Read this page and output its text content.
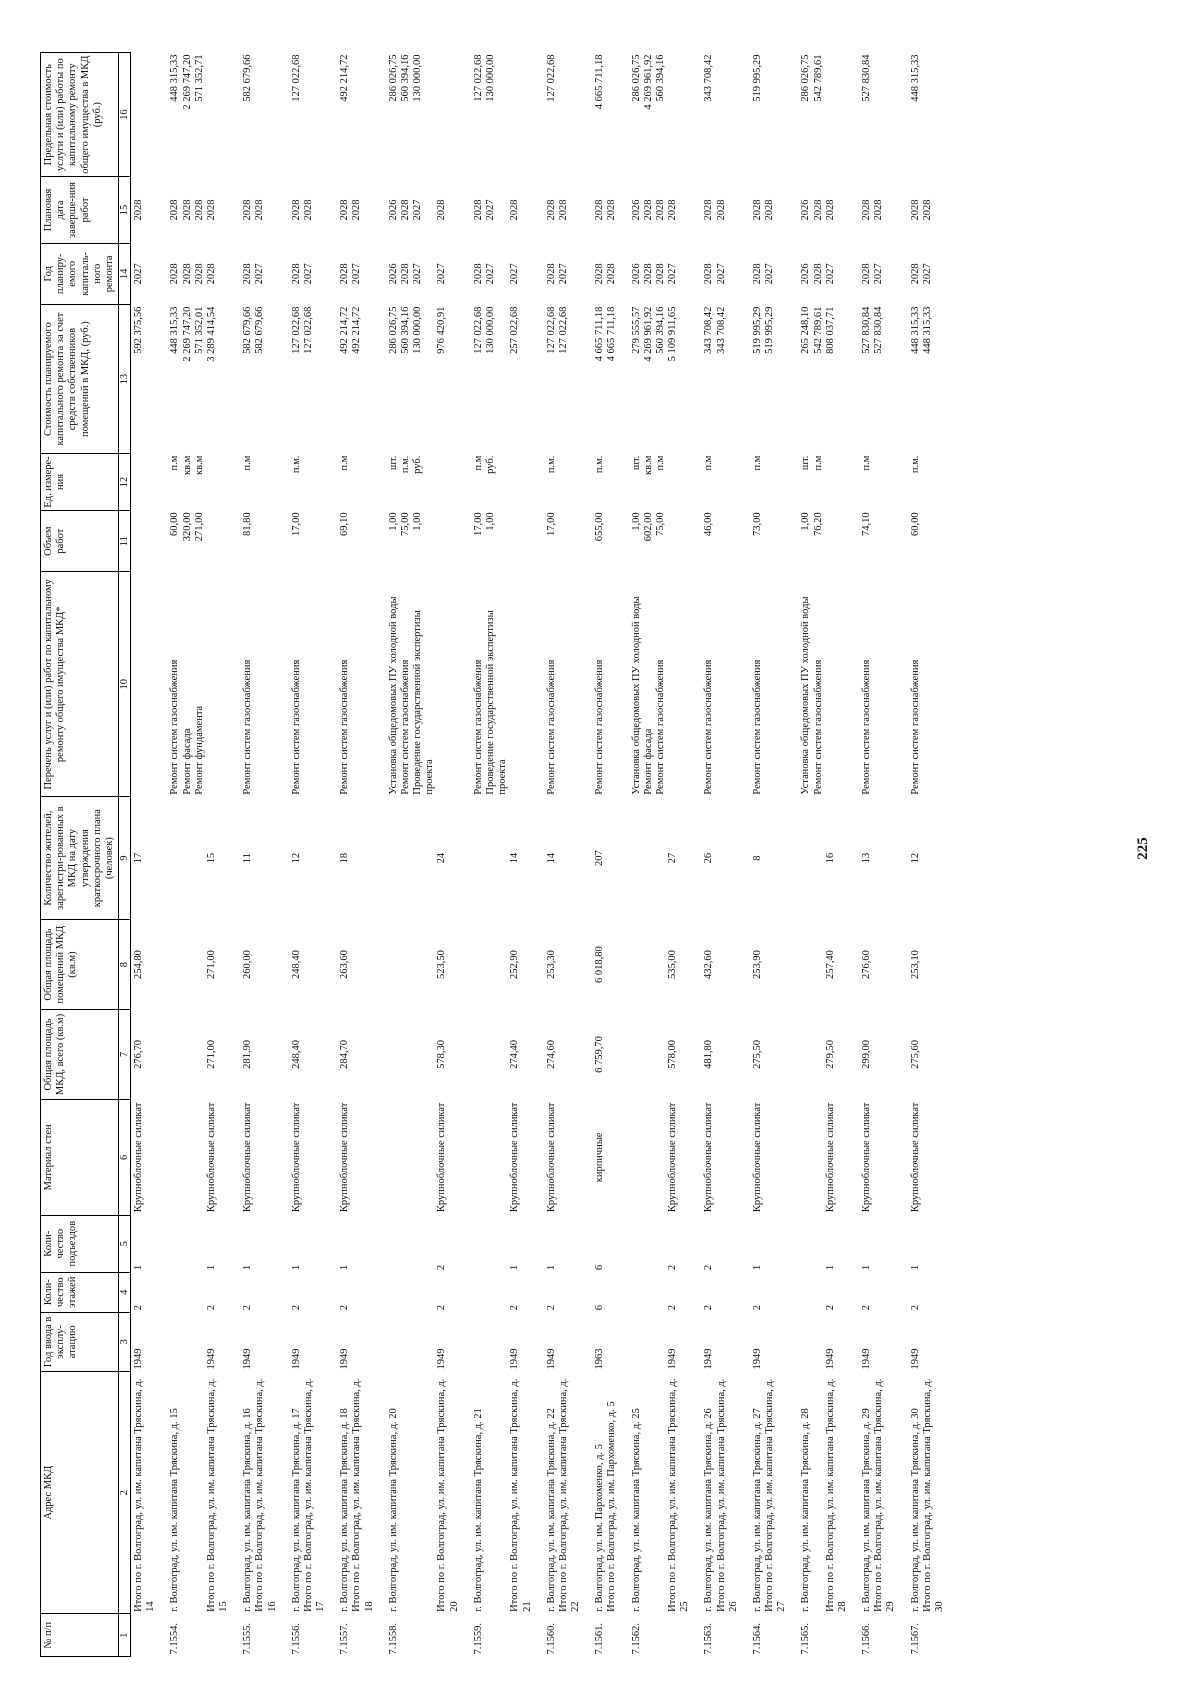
225
№ п/п	Адрес МКД	Год ввода в эксплу-атацию	Коли-чество этажей	Коли-чество подъездов	Материал стен	Общая площадь МКД, всего (кв.м)	Общая площадь помещений МКД (кв.м)	Количество жителей, зарегистри-рованных в МКД на дату утверждения краткосрочного плана (человек)	Перечень услуг и (или) работ по капитальному ремонту общего имущества МКД*	Объем работ	Ед. измере-ния	Стоимость планируемого капитального ремонта за счет средств собственников помещений в МКД, (руб.)	Год планиру-емого капиталь-ного ремонта	Плановая дата заверше-ния работ	Предельная стоимость услуги и (или) работы по капитальному ремонту общего имущества в МКД (руб.)
1	2	3	4	5	6	7	8	9	10	11	12	13	14	15	16
	Итого по г. Волгоград, ул. им. капитана Тряскина, д. 14	1949	2	1	Крупноблочные силикат	276,70	254,80	17				592 375,56	2027	2028	

7.1554.	г. Волгоград, ул. им. капитана Тряскина, д. 15								Ремонт систем газоснабжения Ремонт фасада Ремонт фундамента	60,00 320,00 271,00	п.м кв.м кв.м	448 315,33 2 269 747,20 571 352,01	2028 2028 2028	2028 2028 2028	448 315,33 2 269 747,20 571 352,71

	Итого по г. Волгоград, ул. им. капитана Тряскина, д. 15	1949	2	1	Крупноблочные силикат	271,00	271,00	15				3 289 414,54	2028	2028	

7.1555.	г. Волгоград, ул. им. капитана Тряскина, д. 16	1949	2	1	Крупноблочные силикат	281,90	260,00	11	Ремонт систем газоснабжения	81,80	п.м	582 679,66	2028	2028	582 679,66

	Итого по г. Волгоград, ул. им. капитана Тряскина, д. 16											582 679,66	2027	2028	

7.1556.	г. Волгоград, ул. им. капитана Тряскина, д. 17	1949	2	1	Крупноблочные силикат	248,40	248,40	12	Ремонт систем газоснабжения	17,00	п.м.	127 022,68	2028	2028	127 022,68

	Итого по г. Волгоград, ул. им. капитана Тряскина, д. 17											127 022,68	2027	2028	

7.1557.	г. Волгоград, ул. им. капитана Тряскина, д. 18	1949	2	1	Крупноблочные силикат	284,70	263,60	18	Ремонт систем газоснабжения	69,10	п.м	492 214,72	2028	2028	492 214,72

	Итого по г. Волгоград, ул. им. капитана Тряскина, д. 18											492 214,72	2027	2028	

7.1558.	г. Волгоград, ул. им. капитана Тряскина, д. 20								Установка общедомовых ПУ холодной воды Ремонт систем газоснабжения Проведение государственной экспертизы проекта	1,00 75,00 1,00	шт. п.м. руб.	286 026,75 560 394,16 130 000,00	2026 2028 2027	2026 2028 2027	286 026,75 560 394,16 130 000,00

	Итого по г. Волгоград, ул. им. капитана Тряскина, д. 20	1949	2	2	Крупноблочные силикат	578,30	523,50	24				976 420,91	2027	2028	

7.1559.	г. Волгоград, ул. им. капитана Тряскина, д. 21								Ремонт систем газоснабжения Проведение государственной экспертизы проекта	17,00 1,00	п.м руб.	127 022,68 130 000,00	2028 2027	2028 2027	127 022,68 130 000,00

	Итого по г. Волгоград, ул. им. капитана Тряскина, д. 21	1949	2	1	Крупноблочные силикат	274,40	252,90	14				257 022,68	2027	2028	

7.1560.	г. Волгоград, ул. им. капитана Тряскина, д. 22	1949	2	1	Крупноблочные силикат	274,60	253,30	14	Ремонт систем газоснабжения	17,00	п.м.	127 022,68	2028	2028	127 022,68

	Итого по г. Волгоград, ул. им. капитана Тряскина, д. 22											127 022,68	2027	2028	

7.1561.	г. Волгоград, ул. им. Пархоменко, д. 5	1963	6	6	кирпичные	6 759,70	6 018,80	207	Ремонт систем газоснабжения	655,00	п.м.	4 665 711,18	2028	2028	4 665 711,18

	Итого по г. Волгоград, ул. им. Пархоменко, д. 5											4 665 711,18	2028	2028	

7.1562.	г. Волгоград, ул. им. капитана Тряскина, д. 25								Установка общедомовых ПУ холодной воды Ремонт фасада Ремонт систем газоснабжения	1,00 602,00 75,00	шт. кв.м п.м	279 555,57 4 269 961,92 560 394,16	2026 2028 2028	2026 2028 2028	286 026,75 4 269 961,92 560 394,16

	Итого по г. Волгоград, ул. им. капитана Тряскина, д. 25	1949	2	2	Крупноблочные силикат	578,00	535,00	27				5 109 911,65	2027	2028	

7.1563.	г. Волгоград, ул. им. капитана Тряскина, д. 26	1949	2	2	Крупноблочные силикат	481,80	432,60	26	Ремонт систем газоснабжения	46,00	п.м	343 708,42	2028	2028	343 708,42

	Итого по г. Волгоград, ул. им. капитана Тряскина, д. 26											343 708,42	2027	2028	

7.1564.	г. Волгоград, ул. им. капитана Тряскина, д. 27	1949	2	1	Крупноблочные силикат	275,50	253,90	8	Ремонт систем газоснабжения	73,00	п.м	519 995,29	2028	2028	519 995,29

	Итого по г. Волгоград, ул. им. капитана Тряскина, д. 27											519 995,29	2027	2028	

7.1565.	г. Волгоград, ул. им. капитана Тряскина, д. 28								Установка общедомовых ПУ холодной воды Ремонт систем газоснабжения	1,00 76,20	шт. п.м	265 248,10 542 789,61	2026 2028	2026 2028	286 026,75 542 789,61

	Итого по г. Волгоград, ул. им. капитана Тряскина, д. 28	1949	2	1	Крупноблочные силикат	279,50	257,40	16				808 037,71	2027	2028	

7.1566.	г. Волгоград, ул. им. капитана Тряскина, д. 29	1949	2	1	Крупноблочные силикат	299,00	276,60	13	Ремонт систем газоснабжения	74,10	п.м	527 830,84	2028	2028	527 830,84

	Итого по г. Волгоград, ул. им. капитана Тряскина, д. 29											527 830,84	2027	2028	

7.1567.	г. Волгоград, ул. им. капитана Тряскина, д. 30	1949	2	1	Крупноблочные силикат	275,60	253,10	12	Ремонт систем газоснабжения	60,00	п.м.	448 315,33	2028	2028	448 315,33

	Итого по г. Волгоград, ул. им. капитана Тряскина, д. 30											448 315,33	2027	2028	
